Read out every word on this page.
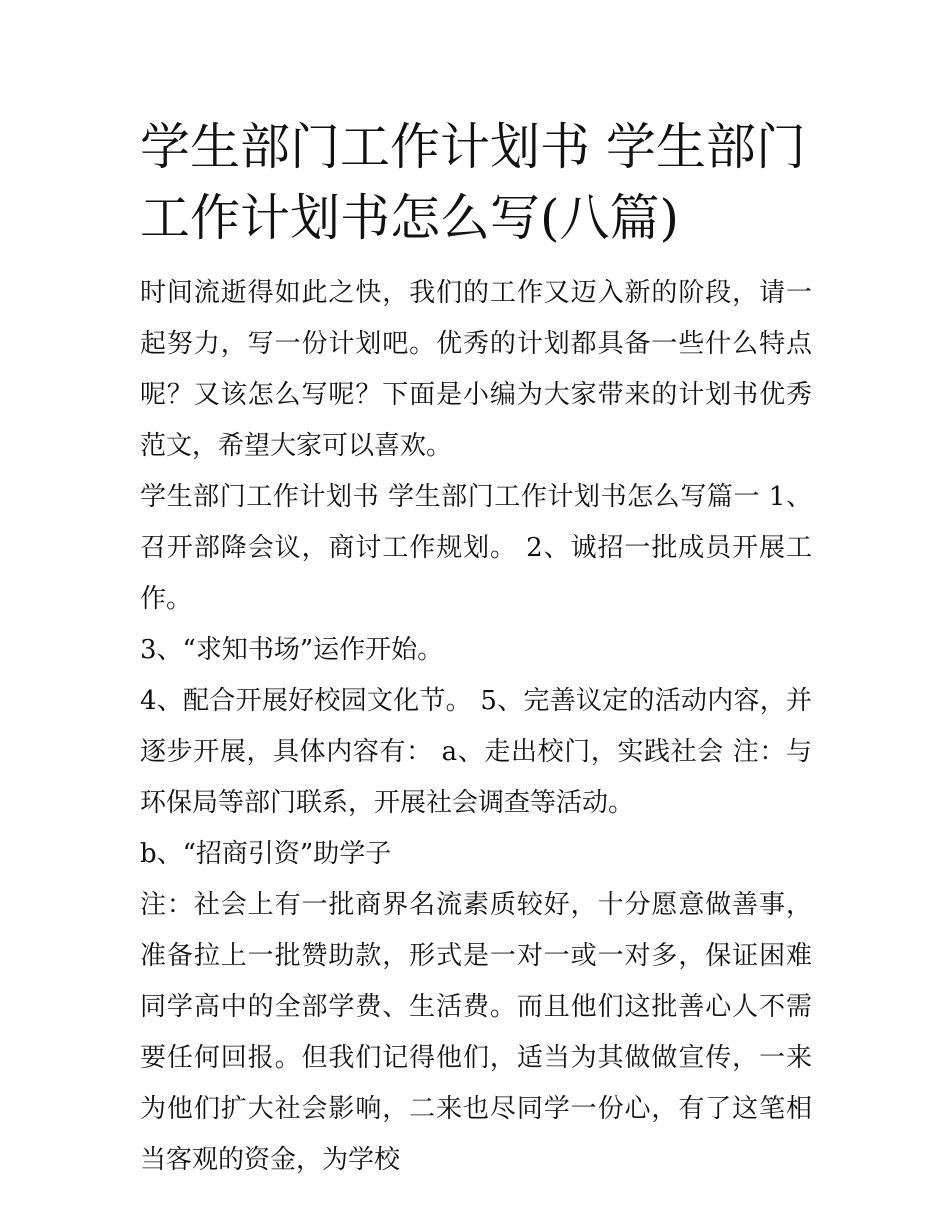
学生部门工作计划书 学生部门工作计划书怎么写(八篇)

时间流逝得如此之快，我们的工作又迈入新的阶段，请一起努力，写一份计划吧。优秀的计划都具备一些什么特点呢？又该怎么写呢？下面是小编为大家带来的计划书优秀范文，希望大家可以喜欢。

学生部门工作计划书 学生部门工作计划书怎么写篇一 1、召开部降会议，商讨工作规划。 2、诚招一批成员开展工作。

3、“求知书场”运作开始。

4、配合开展好校园文化节。 5、完善议定的活动内容，并逐步开展，具体内容有： a、走出校门，实践社会 注：与环保局等部门联系，开展社会调查等活动。

b、“招商引资”助学子

注：社会上有一批商界名流素质较好，十分愿意做善事，准备拉上一批赞助款，形式是一对一或一对多，保证困难同学高中的全部学费、生活费。而且他们这批善心人不需要任何回报。但我们记得他们，适当为其做做宣传，一来为他们扩大社会影响，二来也尽同学一份心，有了这笔相当客观的资金，为学校
